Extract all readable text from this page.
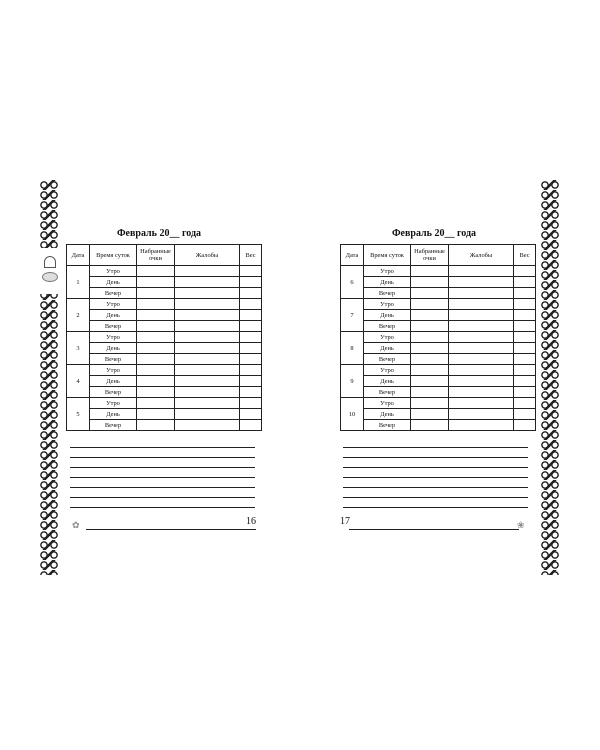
Февраль 20__ года
Дата	Время суток	Набранные очки	Жалобы	Вес
1	Утро			
	День			
	Вечер			
2	Утро			
	День			
	Вечер			
3	Утро			
	День			
	Вечер			
4	Утро			
	День			
	Вечер			
5	Утро			
	День			
	Вечер			
✿	16
Февраль 20__ года
Дата	Время суток	Набранные очки	Жалобы	Вес
6	Утро			
	День			
	Вечер			
7	Утро			
	День			
	Вечер			
8	Утро			
	День			
	Вечер			
9	Утро			
	День			
	Вечер			
10	Утро			
	День			
	Вечер			
17	❀
